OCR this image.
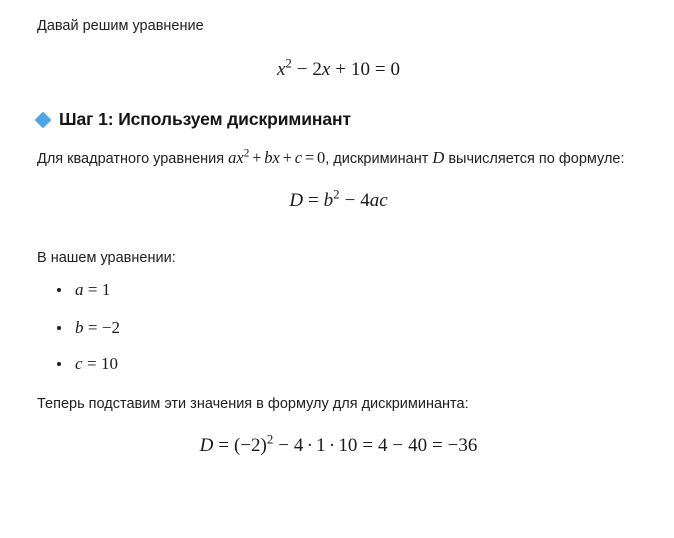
Давай решим уравнение

$x^2 - 2x + 10 = 0$
Шаг 1: Используем дискриминант

Для квадратного уравнения $ax^2$ + bx + c = 0, дискриминант D вычисляется по формуле:

$D = b^2 - 4ac$

В нашем уравнении:

a = 1
b = −2
c = 10

Теперь подставим эти значения в формулу для дискриминанта:

$D = (-2)^2 - 4 \cdot 1 \cdot 10 = 4 - 40 = -36$
